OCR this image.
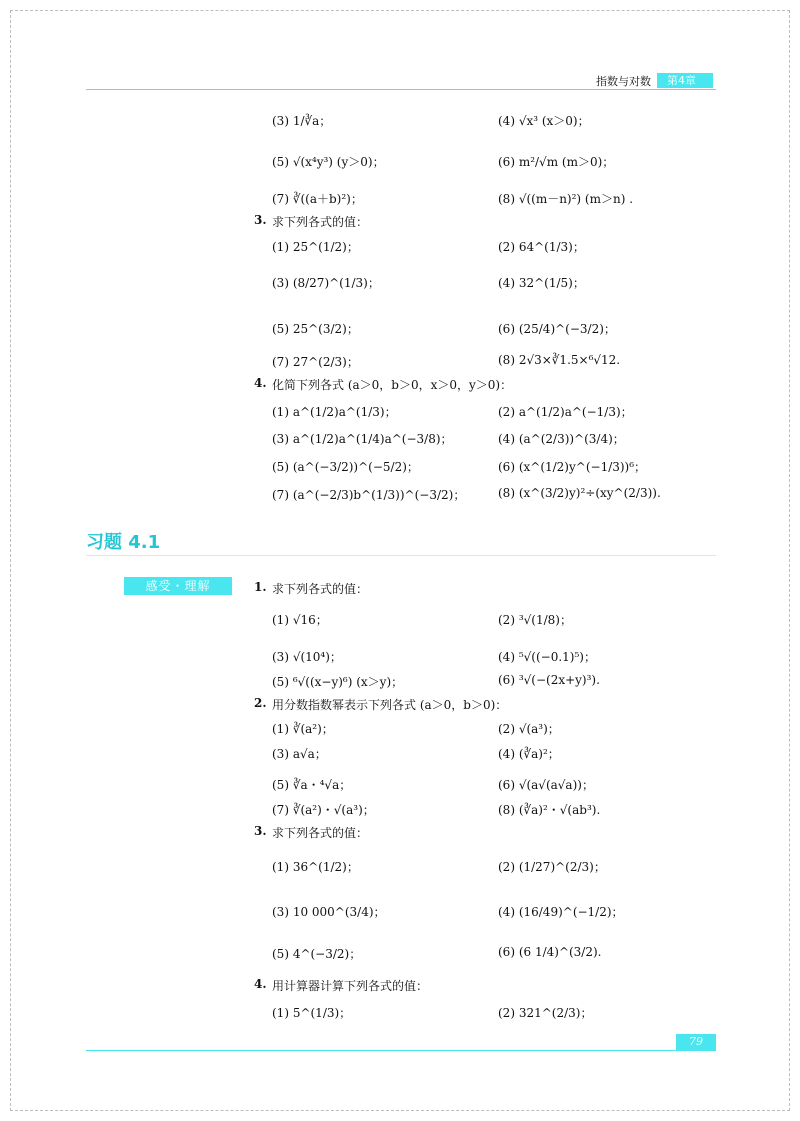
指数与对数	第4章
(3) 1/∛a；	(4) √x³ (x＞0)；
(5) √(x⁴y³) (y＞0)；	(6) m²/√m (m＞0)；
(7) ∛((a＋b)²)；	(8) √((m－n)²) (m＞n) .
3. 求下列各式的值：
(1) 25^(1/2)；	(2) 64^(1/3)；
(3) (8/27)^(1/3)；	(4) 32^(1/5)；
(5) 25^(3/2)；	(6) (25/4)^(−3/2)；
(7) 27^(2/3)；	(8) 2√3×∛1.5×⁶√12.
4. 化简下列各式 (a＞0，b＞0，x＞0，y＞0)：
(1) a^(1/2)a^(1/3)；	(2) a^(1/2)a^(−1/3)；
(3) a^(1/2)a^(1/4)a^(−3/8)；	(4) (a^(2/3))^(3/4)；
(5) (a^(−3/2))^(−5/2)；	(6) (x^(1/2)y^(−1/3))⁶；
(7) (a^(−2/3)b^(1/3))^(−3/2)；	(8) (x^(3/2)y)²÷(xy^(2/3)).
习题 4.1
感受・理解	1. 求下列各式的值：
(1) √16；	(2) ³√(1/8)；
(3) √(10⁴)；	(4) ⁵√((−0.1)⁵)；
(5) ⁶√((x−y)⁶) (x＞y)；	(6) ³√(−(2x+y)³).
2. 用分数指数幂表示下列各式 (a＞0，b＞0)：
(1) ∛(a²)；	(2) √(a³)；
(3) a√a；	(4) (∛a)²；
(5) ∛a・⁴√a；	(6) √(a√(a√a))；
(7) ∛(a²)・√(a³)；	(8) (∛a)²・√(ab³).
3. 求下列各式的值：
(1) 36^(1/2)；	(2) (1/27)^(2/3)；
(3) 10 000^(3/4)；	(4) (16/49)^(−1/2)；
(5) 4^(−3/2)；	(6) (6 1/4)^(3/2).
4. 用计算器计算下列各式的值：
(1) 5^(1/3)；	(2) 321^(2/3)；
79
